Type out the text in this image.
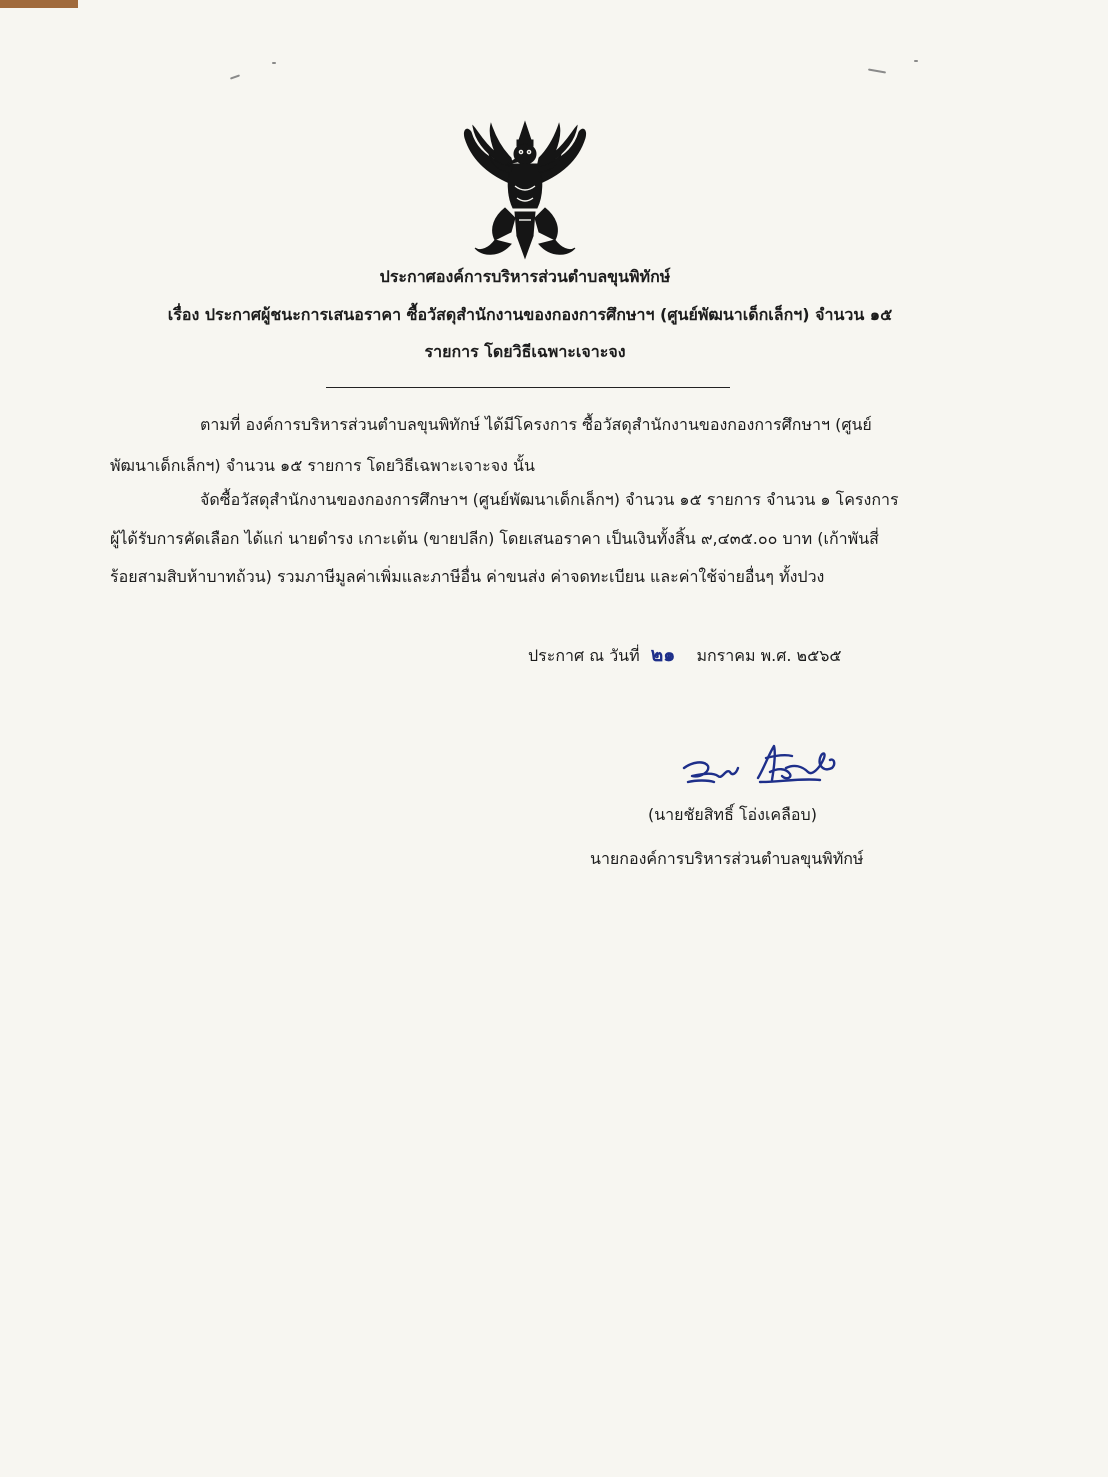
ประกาศองค์การบริหารส่วนตำบลขุนพิทักษ์
เรื่อง ประกาศผู้ชนะการเสนอราคา ซื้อวัสดุสำนักงานของกองการศึกษาฯ (ศูนย์พัฒนาเด็กเล็กฯ) จำนวน ๑๕
รายการ โดยวิธีเฉพาะเจาะจง
ตามที่ องค์การบริหารส่วนตำบลขุนพิทักษ์ ได้มีโครงการ ซื้อวัสดุสำนักงานของกองการศึกษาฯ (ศูนย์
พัฒนาเด็กเล็กฯ) จำนวน ๑๕ รายการ โดยวิธีเฉพาะเจาะจง นั้น
จัดซื้อวัสดุสำนักงานของกองการศึกษาฯ (ศูนย์พัฒนาเด็กเล็กฯ) จำนวน ๑๕ รายการ จำนวน ๑ โครงการ
ผู้ได้รับการคัดเลือก ได้แก่ นายดำรง เกาะเต้น (ขายปลีก) โดยเสนอราคา เป็นเงินทั้งสิ้น ๙,๔๓๕.๐๐ บาท (เก้าพันสี่
ร้อยสามสิบห้าบาทถ้วน) รวมภาษีมูลค่าเพิ่มและภาษีอื่น ค่าขนส่ง ค่าจดทะเบียน และค่าใช้จ่ายอื่นๆ ทั้งปวง
ประกาศ ณ วันที่ ๒๑ มกราคม พ.ศ. ๒๕๖๕
(นายชัยสิทธิ์ โอ่งเคลือบ)
นายกองค์การบริหารส่วนตำบลขุนพิทักษ์
